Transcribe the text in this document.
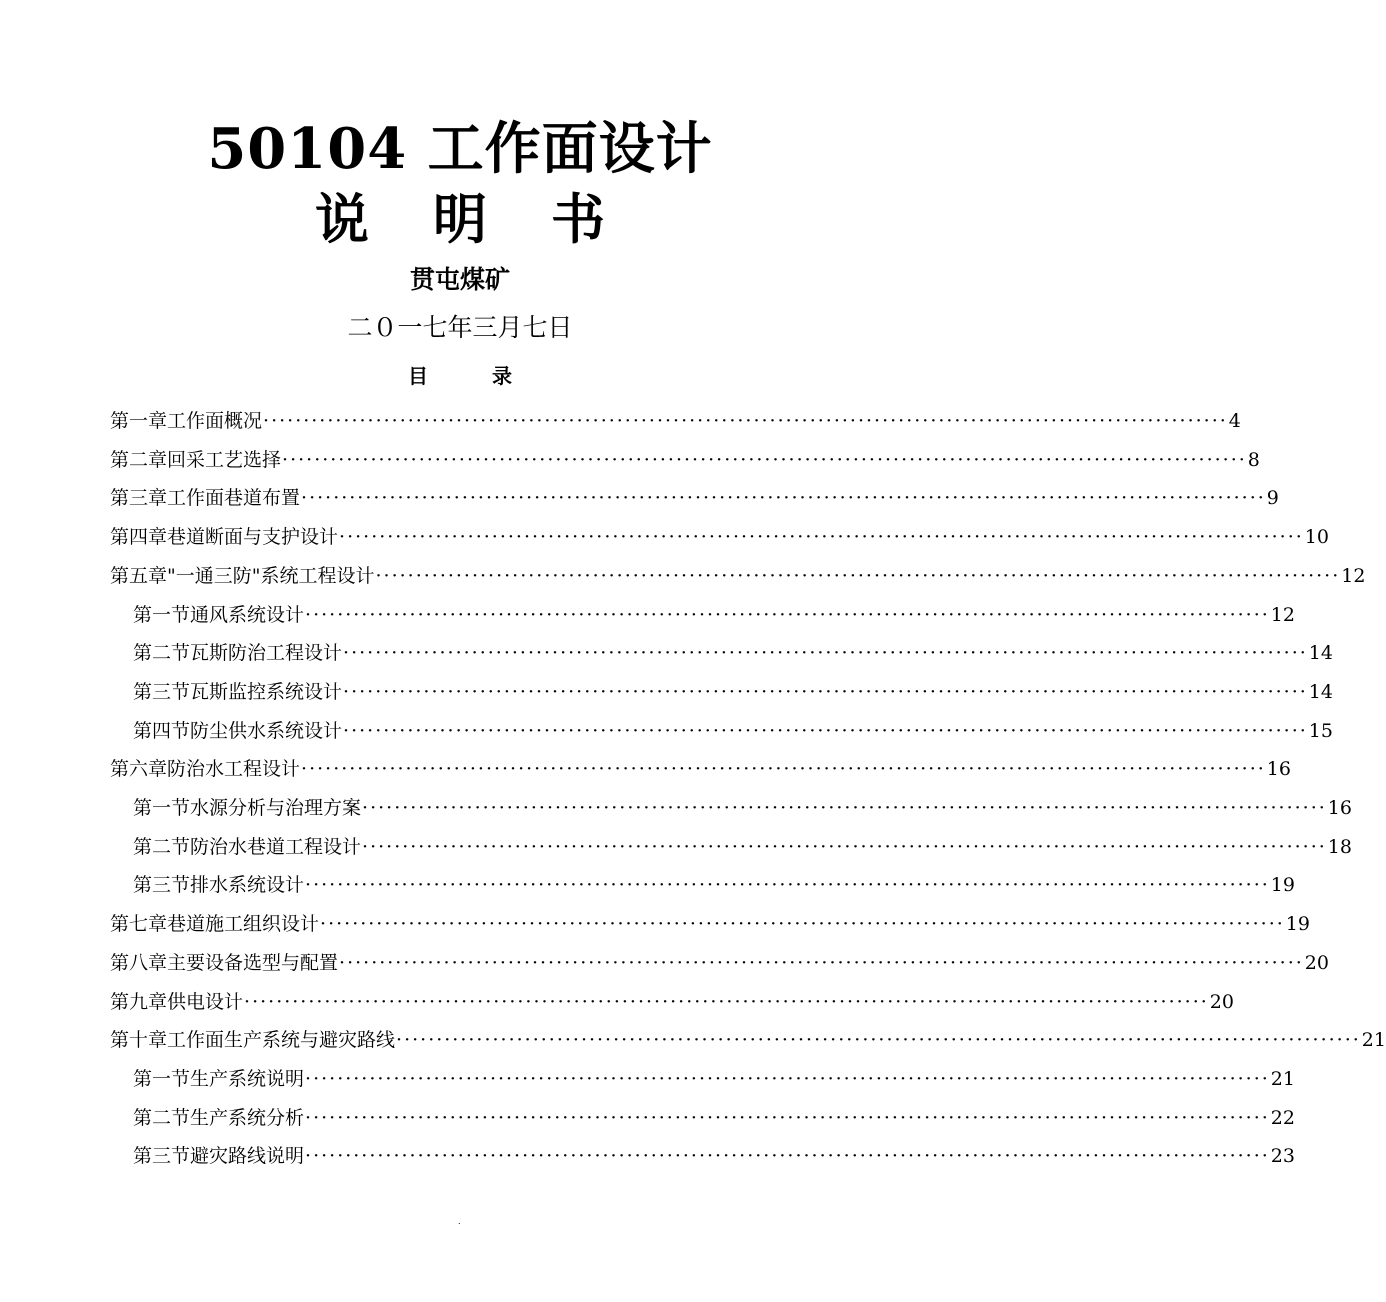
50104 工作面设计
说 明 书
贯屯煤矿
二０一七年三月七日
目	录
第一章 工作面概况 ························································································································ 4
第二章 回采工艺选择 ························································································································ 8
第三章 工作面巷道布置 ························································································································ 9
第四章 巷道断面与支护设计 ························································································································ 10
第五章 "一通三防"系统工程设计 ························································································································ 12
第一节 通风系统设计 ························································································································ 12
第二节 瓦斯防治工程设计 ························································································································ 14
第三节 瓦斯监控系统设计 ························································································································ 14
第四节 防尘供水系统设计 ························································································································ 15
第六章 防治水工程设计 ························································································································ 16
第一节 水源分析与治理方案 ························································································································ 16
第二节 防治水巷道工程设计 ························································································································ 18
第三节 排水系统设计 ························································································································ 19
第七章 巷道施工组织设计 ························································································································ 19
第八章 主要设备选型与配置 ························································································································ 20
第九章 供电设计 ························································································································ 20
第十章 工作面生产系统与避灾路线 ························································································································ 21
第一节 生产系统说明 ························································································································ 21
第二节 生产系统分析 ························································································································ 22
第三节 避灾路线说明 ························································································································ 23
.
